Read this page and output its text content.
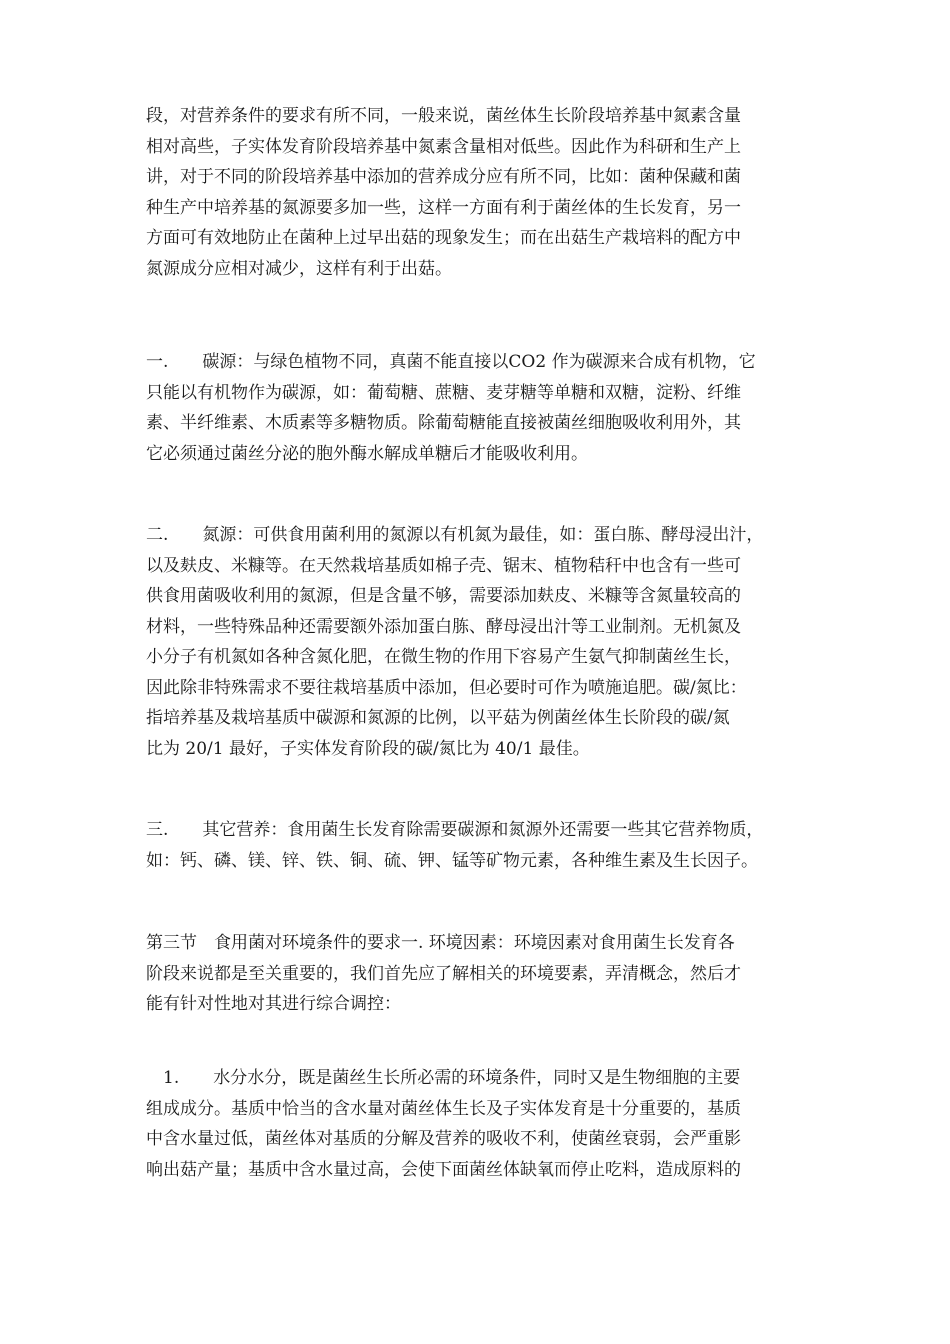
段，对营养条件的要求有所不同，一般来说，菌丝体生长阶段培养基中氮素含量
相对高些，子实体发育阶段培养基中氮素含量相对低些。因此作为科研和生产上
讲，对于不同的阶段培养基中添加的营养成分应有所不同，比如：菌种保藏和菌
种生产中培养基的氮源要多加一些，这样一方面有利于菌丝体的生长发育，另一
方面可有效地防止在菌种上过早出菇的现象发生；而在出菇生产栽培料的配方中
氮源成分应相对减少，这样有利于出菇。
一.　　碳源：与绿色植物不同，真菌不能直接以CO2 作为碳源来合成有机物，它
只能以有机物作为碳源，如：葡萄糖、蔗糖、麦芽糖等单糖和双糖，淀粉、纤维
素、半纤维素、木质素等多糖物质。除葡萄糖能直接被菌丝细胞吸收利用外，其
它必须通过菌丝分泌的胞外酶水解成单糖后才能吸收利用。
二.　　氮源：可供食用菌利用的氮源以有机氮为最佳，如：蛋白胨、酵母浸出汁，
以及麸皮、米糠等。在天然栽培基质如棉子壳、锯末、植物秸秆中也含有一些可
供食用菌吸收利用的氮源，但是含量不够，需要添加麸皮、米糠等含氮量较高的
材料，一些特殊品种还需要额外添加蛋白胨、酵母浸出汁等工业制剂。无机氮及
小分子有机氮如各种含氮化肥，在微生物的作用下容易产生氨气抑制菌丝生长，
因此除非特殊需求不要往栽培基质中添加，但必要时可作为喷施追肥。碳/氮比：
指培养基及栽培基质中碳源和氮源的比例，以平菇为例菌丝体生长阶段的碳/氮
比为 20/1 最好，子实体发育阶段的碳/氮比为 40/1 最佳。
三.　　其它营养：食用菌生长发育除需要碳源和氮源外还需要一些其它营养物质，
如：钙、磷、镁、锌、铁、铜、硫、钾、锰等矿物元素，各种维生素及生长因子。
第三节　食用菌对环境条件的要求一. 环境因素：环境因素对食用菌生长发育各
阶段来说都是至关重要的，我们首先应了解相关的环境要素，弄清概念，然后才
能有针对性地对其进行综合调控：
　1.　　水分水分，既是菌丝生长所必需的环境条件，同时又是生物细胞的主要
组成成分。基质中恰当的含水量对菌丝体生长及子实体发育是十分重要的，基质
中含水量过低，菌丝体对基质的分解及营养的吸收不利，使菌丝衰弱，会严重影
响出菇产量；基质中含水量过高，会使下面菌丝体缺氧而停止吃料，造成原料的
